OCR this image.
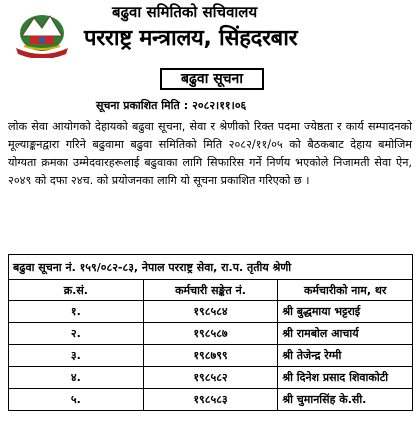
बढुवा समितिको सचिवालय
परराष्ट्र मन्त्रालय, सिंहदरबार
बढुवा सूचना
सूचना प्रकाशित मिति : २०८२।११।०६
लोक सेवा आयोगको देहायको बढुवा सूचना, सेवा र श्रेणीको रिक्त पदमा ज्येष्ठता र कार्य सम्पादनको मूल्याङ्कनद्वारा गरिने बढुवामा बढुवा समितिको मिति २०८२/११/०५ को बैठकबाट देहाय बमोजिम योग्यता क्रमका उम्मेदवारहरूलाई बढुवाका लागि सिफारिस गर्ने निर्णय भएकोले निजामती सेवा ऐन, २०४९ को दफा २४च. को प्रयोजनका लागि यो सूचना प्रकाशित गरिएको छ ।
बढुवा सूचना नं. १५९/०८२-८३, नेपाल परराष्ट्र सेवा, रा.प. तृतीय श्रेणी		
क्र.सं.	कर्मचारी सङ्केत नं.	कर्मचारीको नाम, थर
१.	१९८५८४	श्री बुद्धमाया भट्टराई
२.	१९८५८७	श्री रामबोल आचार्य
३.	१९८७९९	श्री तेजेन्द्र रेग्मी
४.	१९८५८२	श्री दिनेश प्रसाद शिवाकोटी
५.	१९८५८३	श्री चुमानसिंह के.सी.
